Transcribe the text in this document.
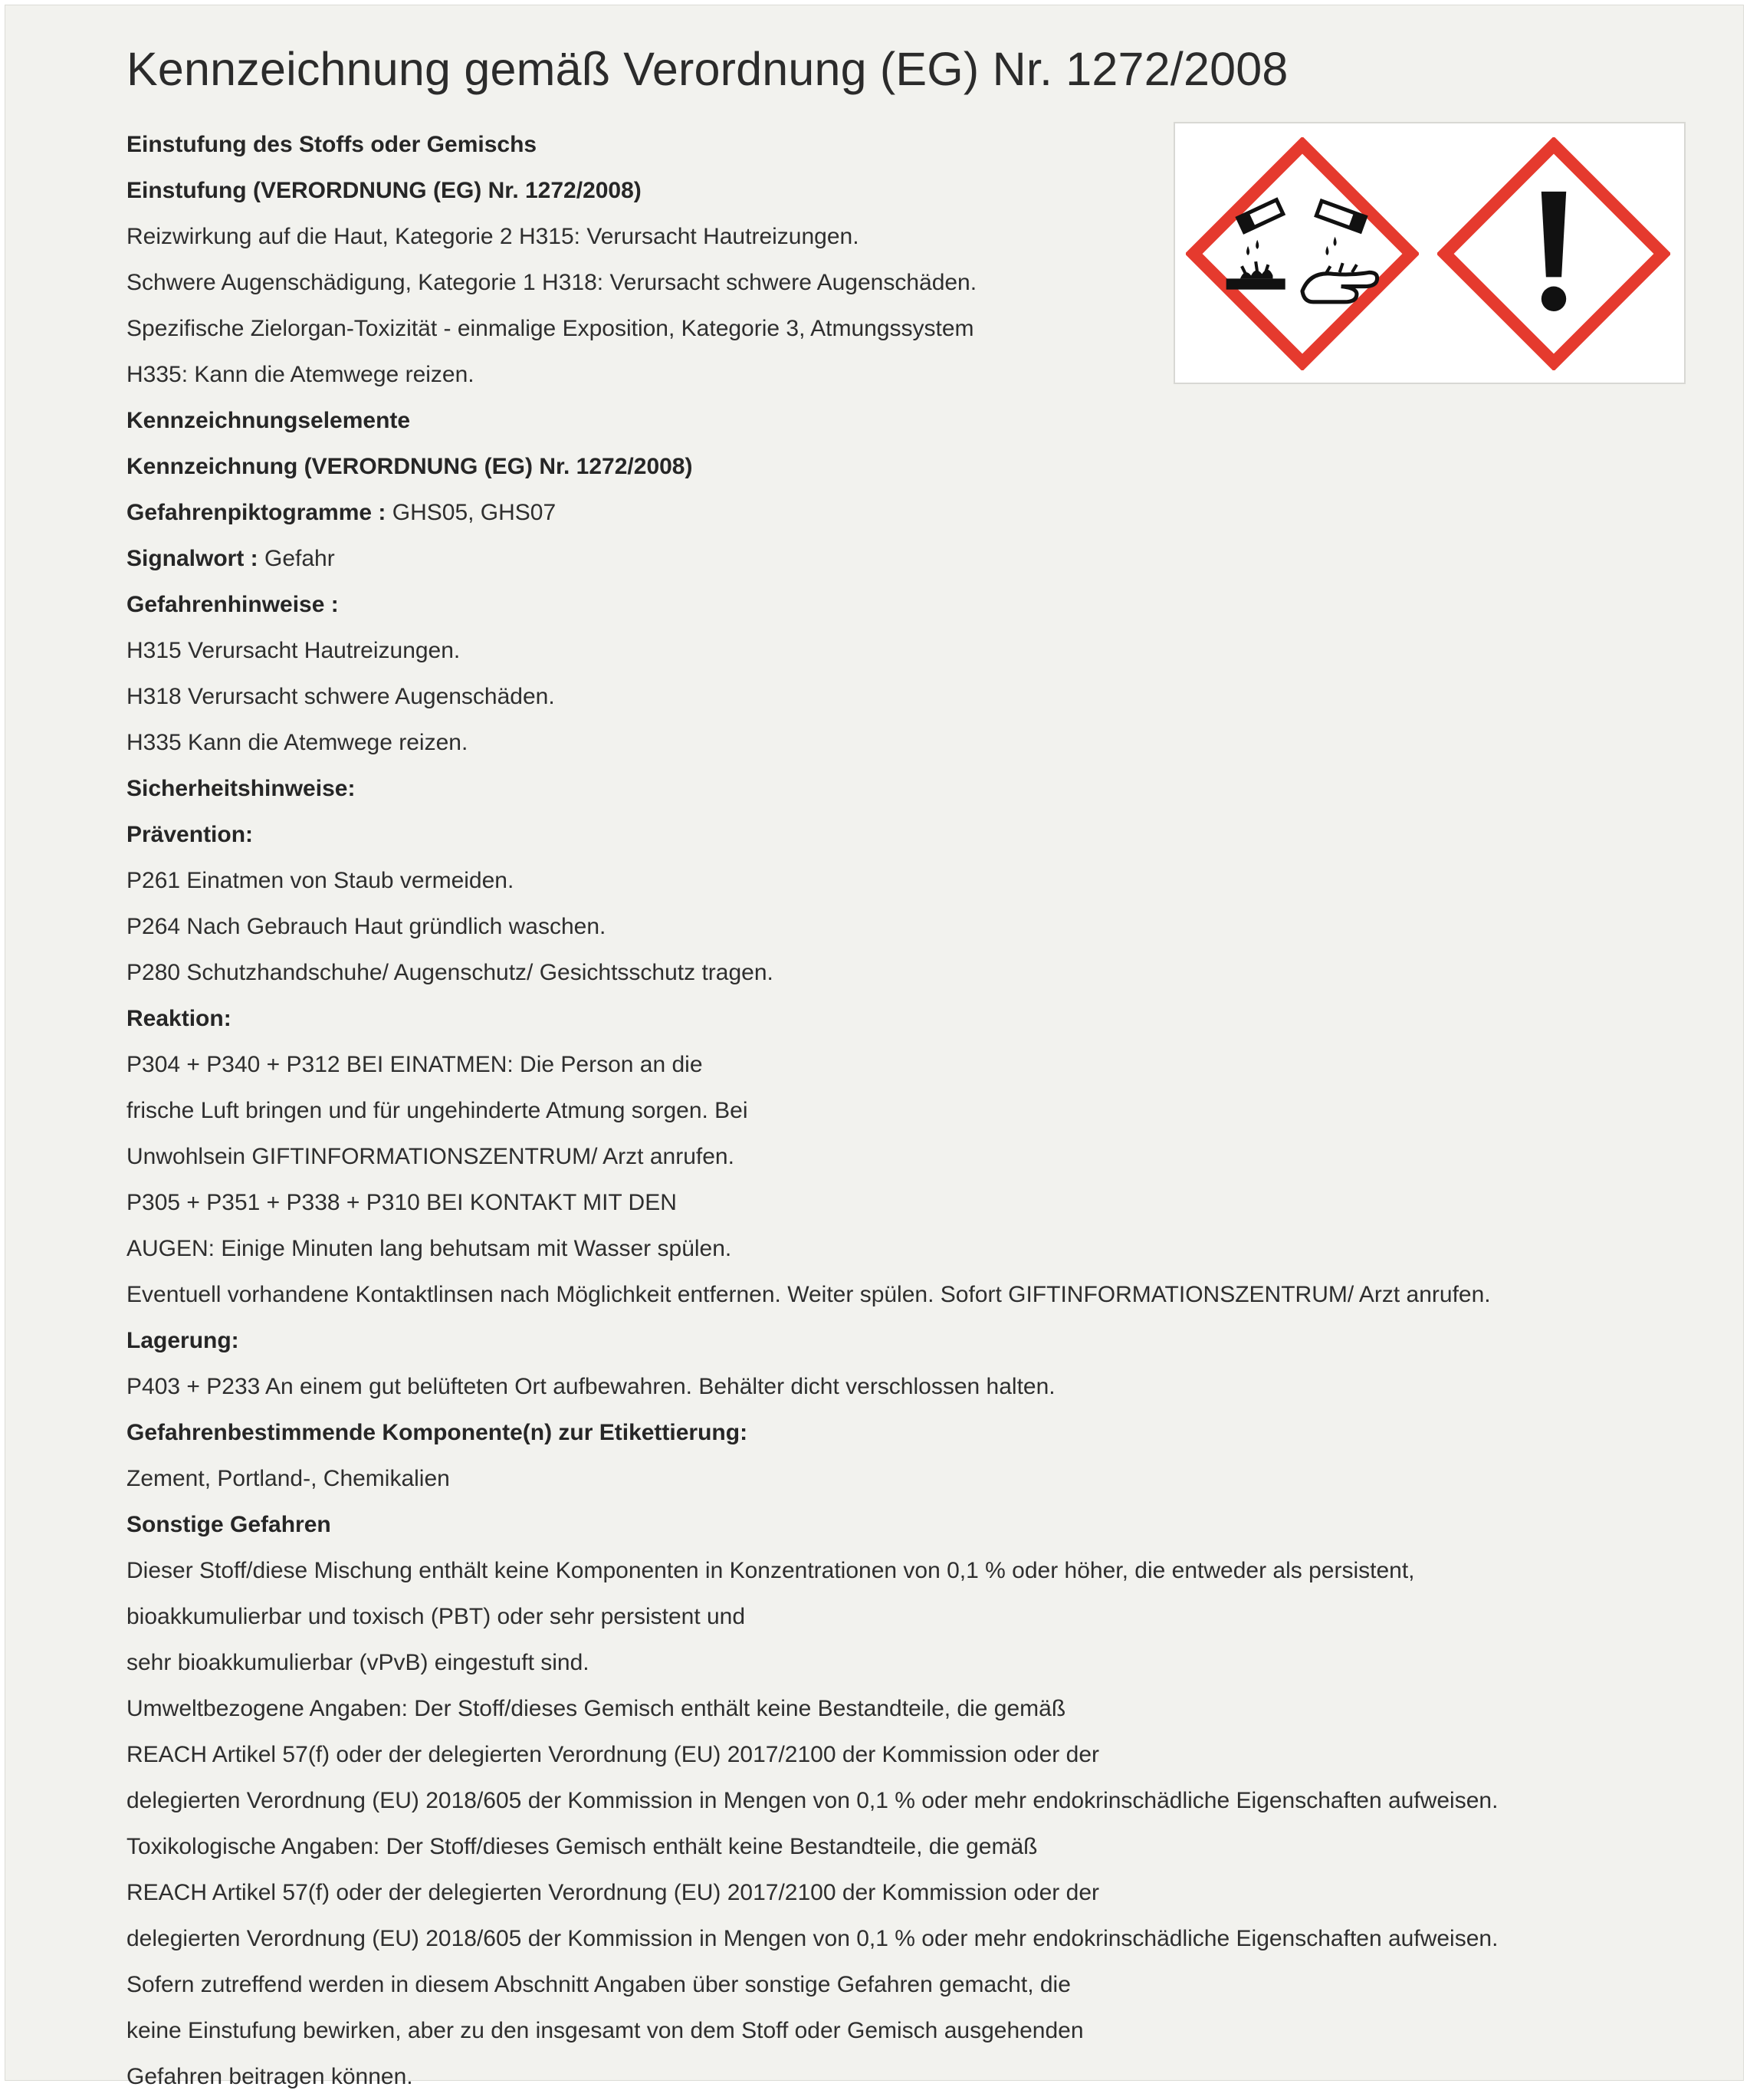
Kennzeichnung gemäß Verordnung (EG) Nr. 1272/2008
Einstufung des Stoffs oder Gemischs
Einstufung (VERORDNUNG (EG) Nr. 1272/2008)
Reizwirkung auf die Haut, Kategorie 2 H315: Verursacht Hautreizungen.
Schwere Augenschädigung, Kategorie 1 H318: Verursacht schwere Augenschäden.
Spezifische Zielorgan-Toxizität - einmalige Exposition, Kategorie 3, Atmungssystem
H335: Kann die Atemwege reizen.
Kennzeichnungselemente
Kennzeichnung (VERORDNUNG (EG) Nr. 1272/2008)
Gefahrenpiktogramme : GHS05, GHS07
Signalwort : Gefahr
Gefahrenhinweise :
H315 Verursacht Hautreizungen.
H318 Verursacht schwere Augenschäden.
H335 Kann die Atemwege reizen.
Sicherheitshinweise:
Prävention:
P261 Einatmen von Staub vermeiden.
P264 Nach Gebrauch Haut gründlich waschen.
P280 Schutzhandschuhe/ Augenschutz/ Gesichtsschutz tragen.
Reaktion:
P304 + P340 + P312 BEI EINATMEN: Die Person an die
frische Luft bringen und für ungehinderte Atmung sorgen. Bei
Unwohlsein GIFTINFORMATIONSZENTRUM/ Arzt anrufen.
P305 + P351 + P338 + P310 BEI KONTAKT MIT DEN
AUGEN: Einige Minuten lang behutsam mit Wasser spülen.
Eventuell vorhandene Kontaktlinsen nach Möglichkeit entfernen. Weiter spülen. Sofort GIFTINFORMATIONSZENTRUM/ Arzt anrufen.
Lagerung:
P403 + P233 An einem gut belüfteten Ort aufbewahren. Behälter dicht verschlossen halten.
Gefahrenbestimmende Komponente(n) zur Etikettierung:
Zement, Portland-, Chemikalien
Sonstige Gefahren
Dieser Stoff/diese Mischung enthält keine Komponenten in Konzentrationen von 0,1 % oder höher, die entweder als persistent,
bioakkumulierbar und toxisch (PBT) oder sehr persistent und
sehr bioakkumulierbar (vPvB) eingestuft sind.
Umweltbezogene Angaben: Der Stoff/dieses Gemisch enthält keine Bestandteile, die gemäß
REACH Artikel 57(f) oder der delegierten Verordnung (EU) 2017/2100 der Kommission oder der
delegierten Verordnung (EU) 2018/605 der Kommission in Mengen von 0,1 % oder mehr endokrinschädliche Eigenschaften aufweisen.
Toxikologische Angaben: Der Stoff/dieses Gemisch enthält keine Bestandteile, die gemäß
REACH Artikel 57(f) oder der delegierten Verordnung (EU) 2017/2100 der Kommission oder der
delegierten Verordnung (EU) 2018/605 der Kommission in Mengen von 0,1 % oder mehr endokrinschädliche Eigenschaften aufweisen.
Sofern zutreffend werden in diesem Abschnitt Angaben über sonstige Gefahren gemacht, die
keine Einstufung bewirken, aber zu den insgesamt von dem Stoff oder Gemisch ausgehenden
Gefahren beitragen können.
